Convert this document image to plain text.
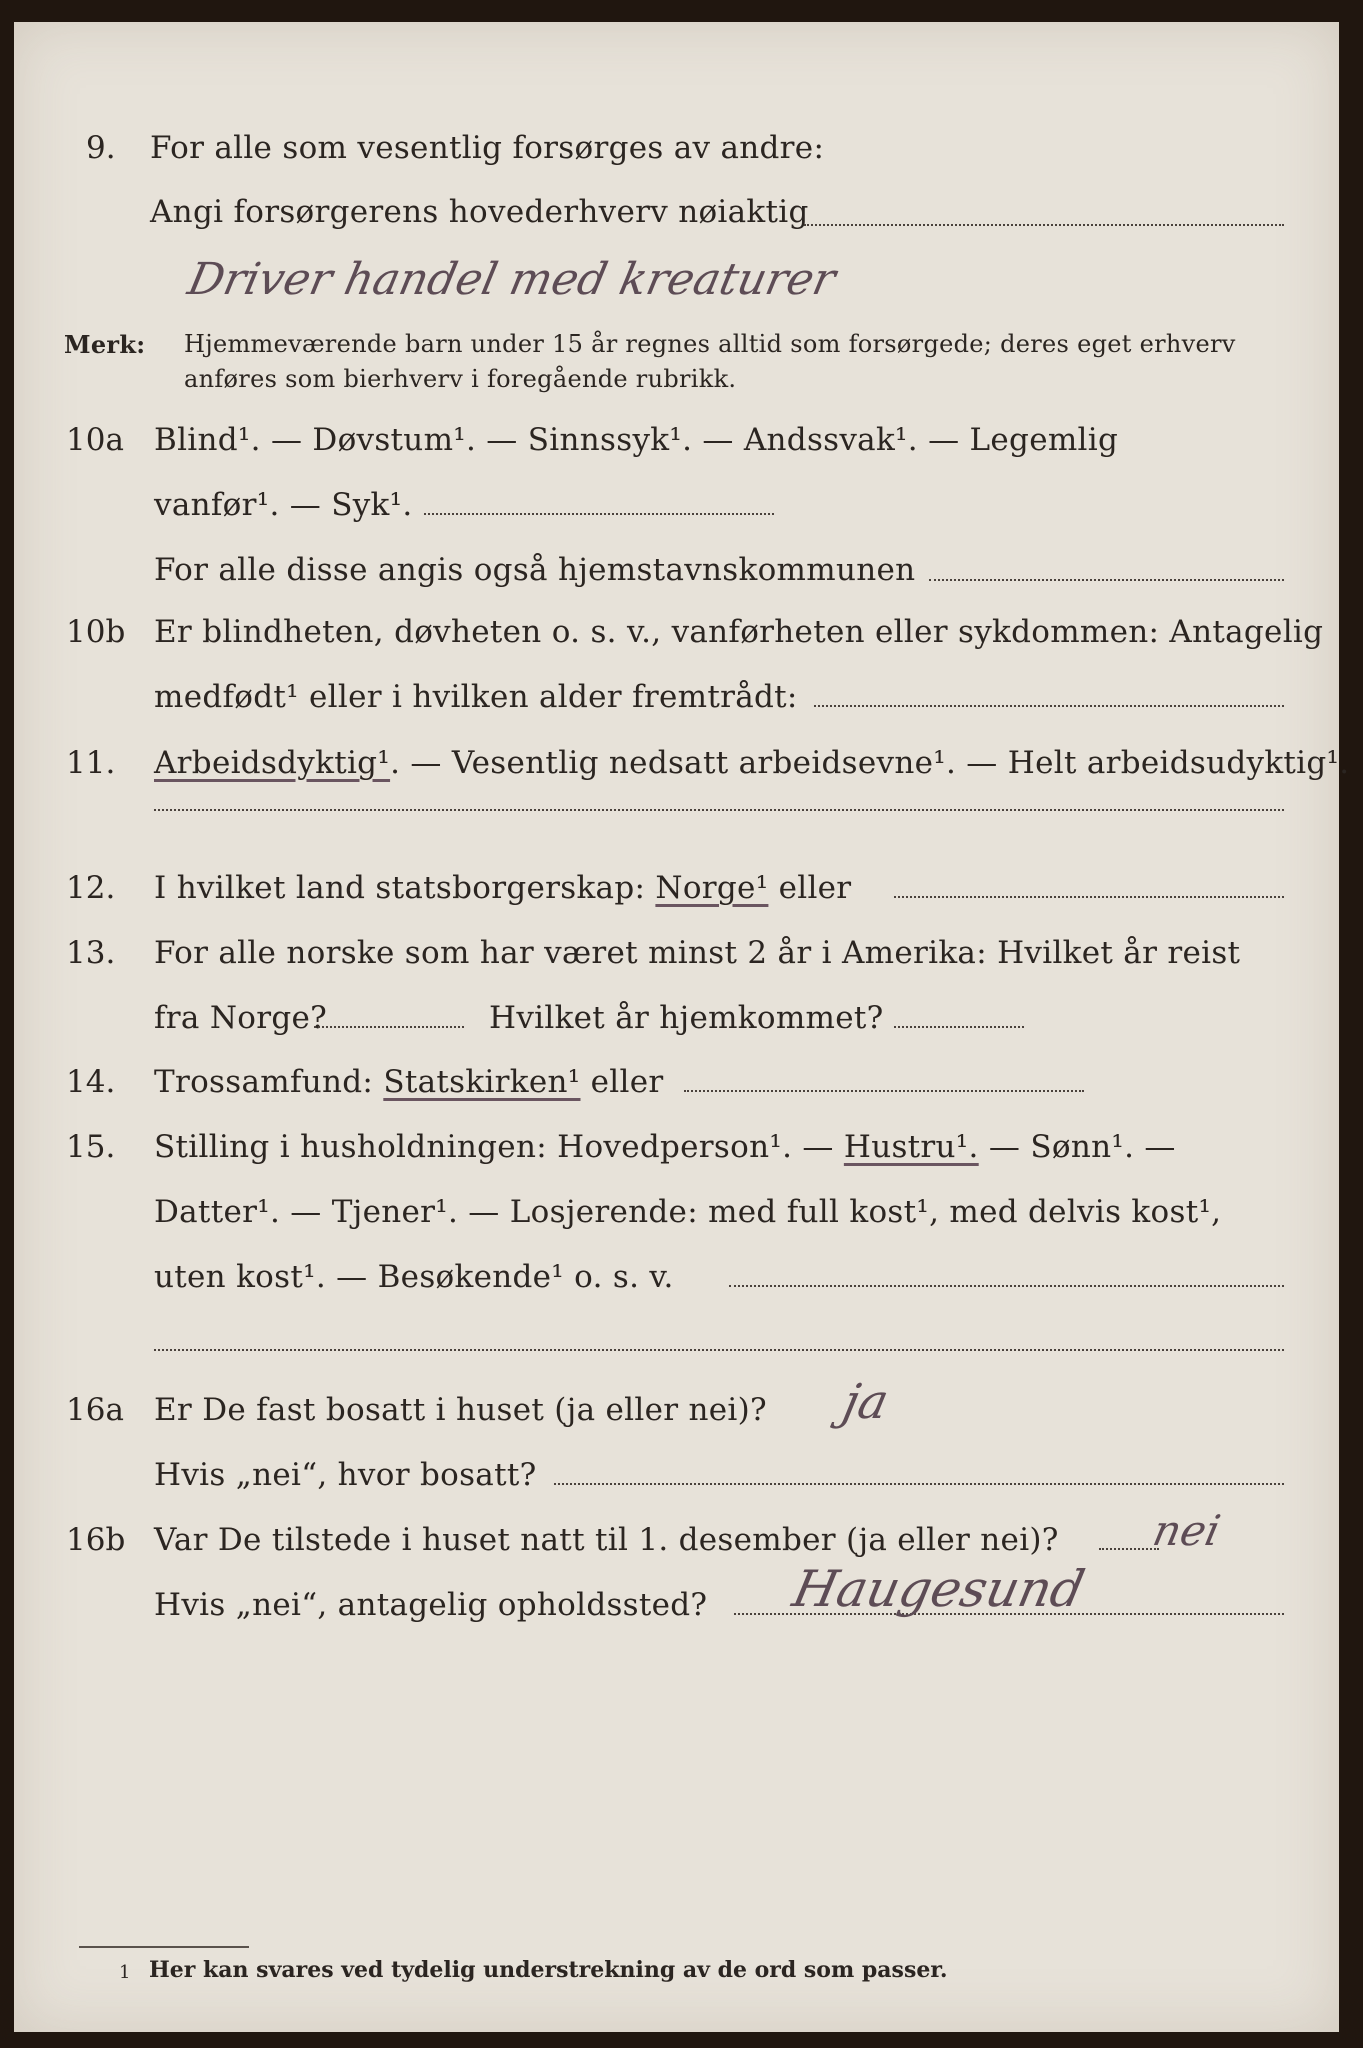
9. For alle som vesentlig forsørges av andre:
Angi forsørgerens hovederhverv nøiaktig
Driver handel med kreaturer
Merk: Hjemmeværende barn under 15 år regnes alltid som forsørgede; deres eget erhverv
anføres som bierhverv i foregående rubrikk.
10a Blind¹. — Døvstum¹. — Sinnssyk¹. — Andssvak¹. — Legemlig
vanfør¹. — Syk¹.
For alle disse angis også hjemstavnskommunen
10b Er blindheten, døvheten o. s. v., vanførheten eller sykdommen: Antagelig
medfødt¹ eller i hvilken alder fremtrådt:
11. Arbeidsdyktig¹. — Vesentlig nedsatt arbeidsevne¹. — Helt arbeidsudyktig¹.
12. I hvilket land statsborgerskap: Norge¹ eller
13. For alle norske som har været minst 2 år i Amerika: Hvilket år reist
fra Norge?	Hvilket år hjemkommet?
14. Trossamfund: Statskirken¹ eller
15. Stilling i husholdningen: Hovedperson¹. — Hustru¹. — Sønn¹. —
Datter¹. — Tjener¹. — Losjerende: med full kost¹, med delvis kost¹,
uten kost¹. — Besøkende¹ o. s. v.
16a Er De fast bosatt i huset (ja eller nei)? ja
Hvis „nei“, hvor bosatt?
16b Var De tilstede i huset natt til 1. desember (ja eller nei)? nei
Hvis „nei“, antagelig opholdssted? Haugesund
1 Her kan svares ved tydelig understrekning av de ord som passer.
